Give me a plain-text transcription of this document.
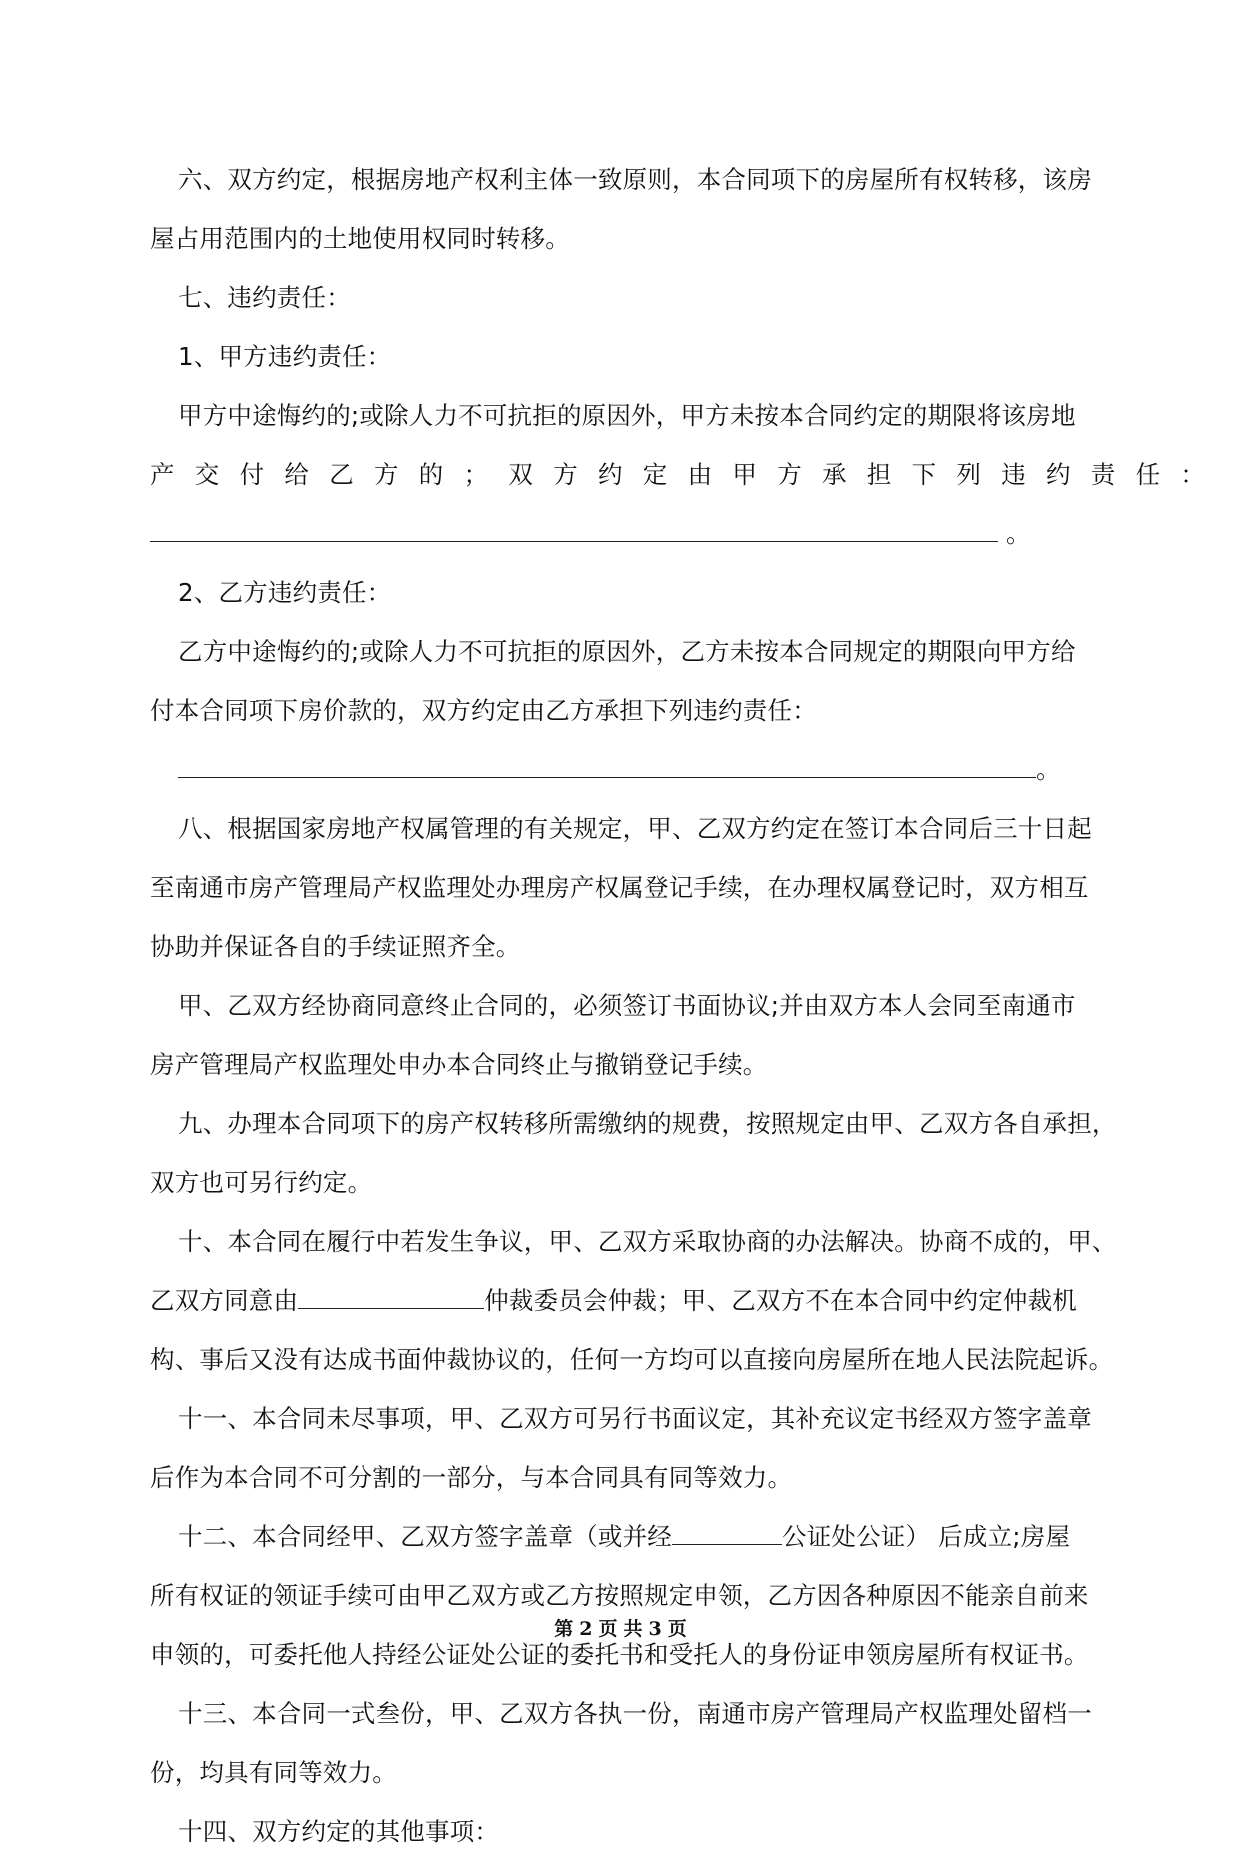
六、双方约定，根据房地产权利主体一致原则，本合同项下的房屋所有权转移，该房
屋占用范围内的土地使用权同时转移。
七、违约责任：
1、甲方违约责任：
甲方中途悔约的;或除人力不可抗拒的原因外，甲方未按本合同约定的期限将该房地
产交付给乙方的；双方约定由甲方承担下列违约责任：
。
2、乙方违约责任：
乙方中途悔约的;或除人力不可抗拒的原因外，乙方未按本合同规定的期限向甲方给
付本合同项下房价款的，双方约定由乙方承担下列违约责任：
。
八、根据国家房地产权属管理的有关规定，甲、乙双方约定在签订本合同后三十日起
至南通市房产管理局产权监理处办理房产权属登记手续，在办理权属登记时，双方相互
协助并保证各自的手续证照齐全。
甲、乙双方经协商同意终止合同的，必须签订书面协议;并由双方本人会同至南通市
房产管理局产权监理处申办本合同终止与撤销登记手续。
九、办理本合同项下的房产权转移所需缴纳的规费，按照规定由甲、乙双方各自承担，
双方也可另行约定。
十、本合同在履行中若发生争议，甲、乙双方采取协商的办法解决。协商不成的，甲、
乙双方同意由	仲裁委员会仲裁；甲、乙双方不在本合同中约定仲裁机
构、事后又没有达成书面仲裁协议的，任何一方均可以直接向房屋所在地人民法院起诉。
十一、本合同未尽事项，甲、乙双方可另行书面议定，其补充议定书经双方签字盖章
后作为本合同不可分割的一部分，与本合同具有同等效力。
十二、本合同经甲、乙双方签字盖章（或并经	公证处公证） 后成立;房屋
所有权证的领证手续可由甲乙双方或乙方按照规定申领，乙方因各种原因不能亲自前来
申领的，可委托他人持经公证处公证的委托书和受托人的身份证申领房屋所有权证书。
十三、本合同一式叁份，甲、乙双方各执一份，南通市房产管理局产权监理处留档一
份，均具有同等效力。
十四、双方约定的其他事项：
第 2 页 共 3 页
